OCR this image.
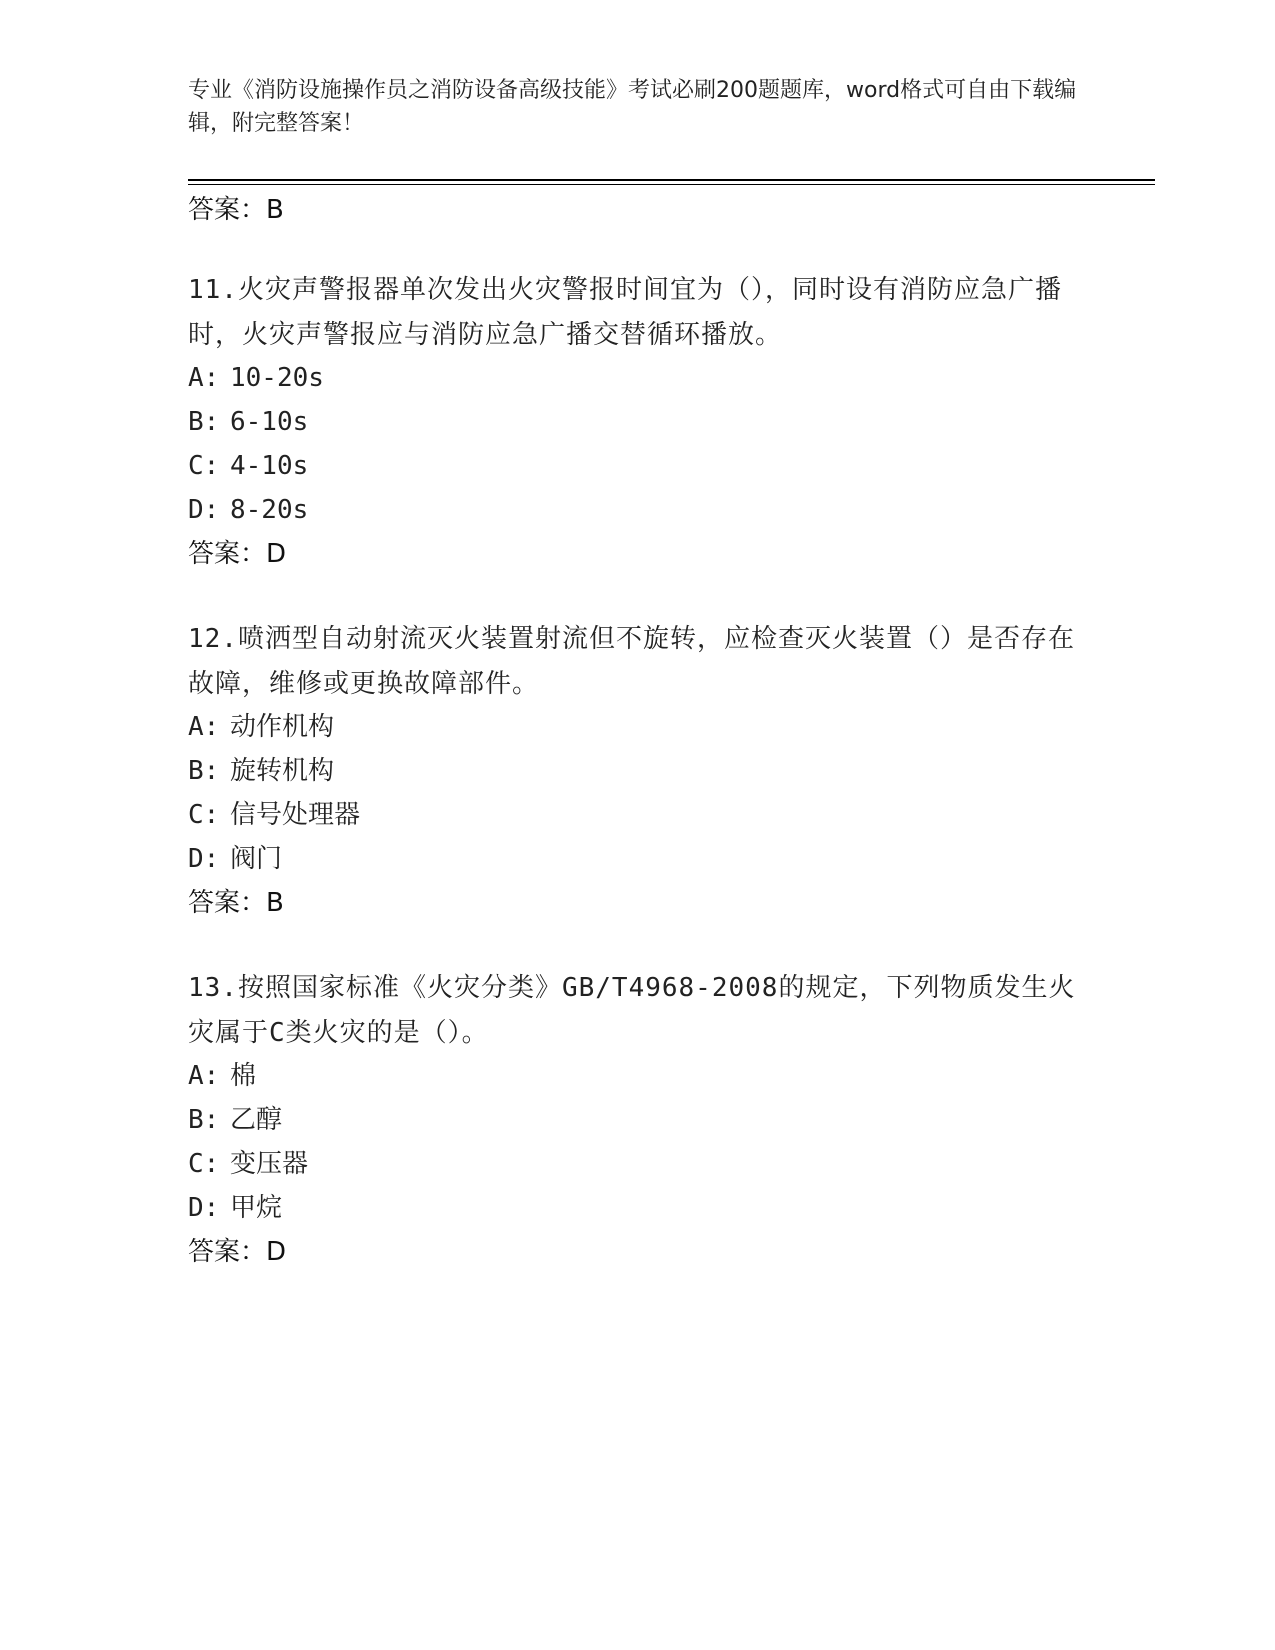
专业《消防设施操作员之消防设备高级技能》考试必刷200题题库，word格式可自由下载编辑，附完整答案！
答案：B
11.火灾声警报器单次发出火灾警报时间宜为（），同时设有消防应急广播时，火灾声警报应与消防应急广播交替循环播放。
A: 10-20s
B: 6-10s
C: 4-10s
D: 8-20s
答案：D
12.喷洒型自动射流灭火装置射流但不旋转，应检查灭火装置（）是否存在故障，维修或更换故障部件。
A: 动作机构
B: 旋转机构
C: 信号处理器
D: 阀门
答案：B
13.按照国家标准《火灾分类》GB/T4968-2008的规定，下列物质发生火灾属于C类火灾的是（）。
A: 棉
B: 乙醇
C: 变压器
D: 甲烷
答案：D
